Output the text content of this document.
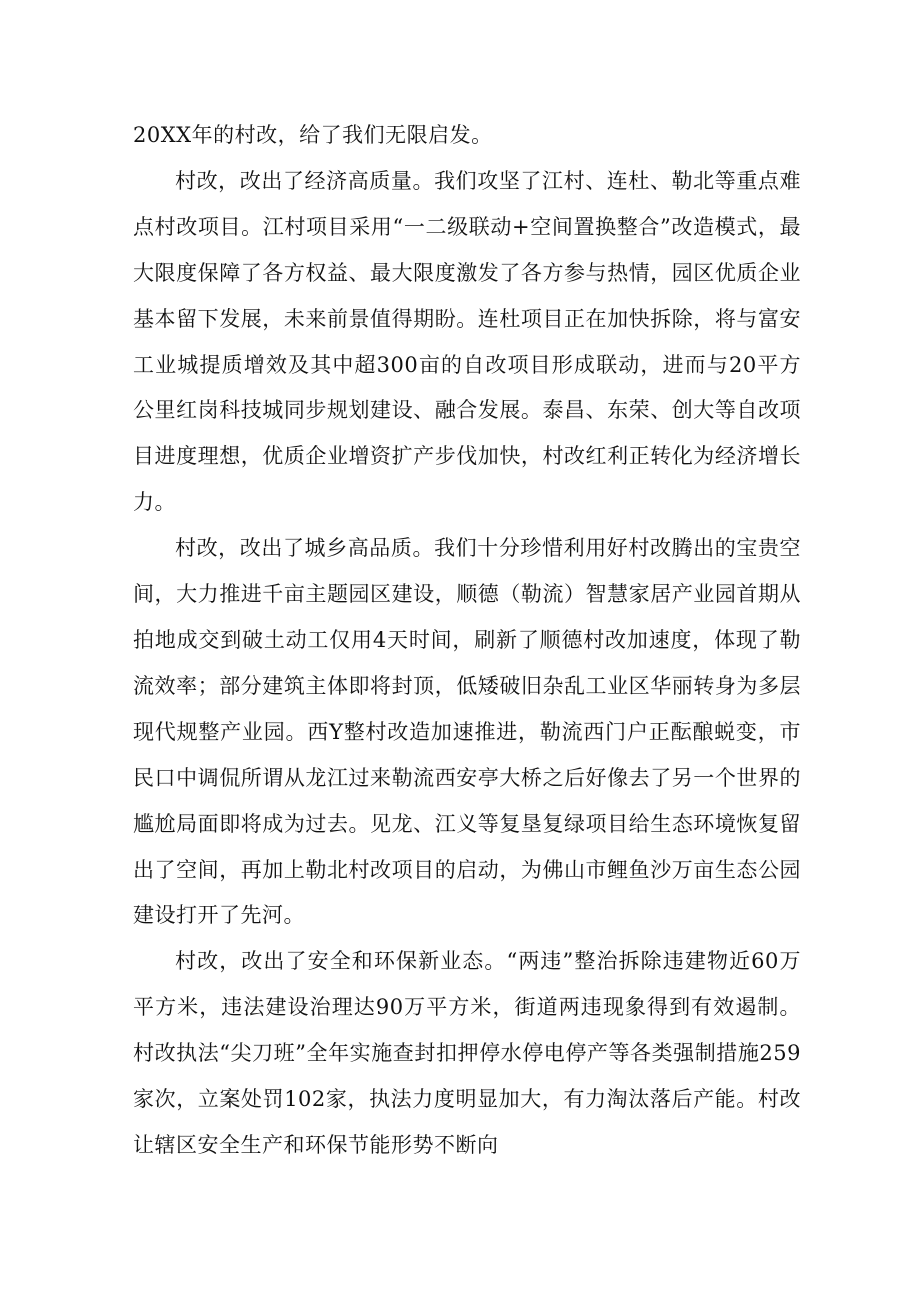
20XX年的村改，给了我们无限启发。

村改，改出了经济高质量。我们攻坚了江村、连杜、勒北等重点难点村改项目。江村项目采用“一二级联动+空间置换整合”改造模式，最大限度保障了各方权益、最大限度激发了各方参与热情，园区优质企业基本留下发展，未来前景值得期盼。连杜项目正在加快拆除，将与富安工业城提质增效及其中超300亩的自改项目形成联动，进而与20平方公里红岗科技城同步规划建设、融合发展。泰昌、东荣、创大等自改项目进度理想，优质企业增资扩产步伐加快，村改红利正转化为经济增长力。

村改，改出了城乡高品质。我们十分珍惜利用好村改腾出的宝贵空间，大力推进千亩主题园区建设，顺德（勒流）智慧家居产业园首期从拍地成交到破土动工仅用4天时间，刷新了顺德村改加速度，体现了勒流效率；部分建筑主体即将封顶，低矮破旧杂乱工业区华丽转身为多层现代规整产业园。西Y整村改造加速推进，勒流西门户正酝酿蜕变，市民口中调侃所谓从龙江过来勒流西安亭大桥之后好像去了另一个世界的尴尬局面即将成为过去。见龙、江义等复垦复绿项目给生态环境恢复留出了空间，再加上勒北村改项目的启动，为佛山市鲤鱼沙万亩生态公园建设打开了先河。

村改，改出了安全和环保新业态。“两违”整治拆除违建物近60万平方米，违法建设治理达90万平方米，街道两违现象得到有效遏制。村改执法“尖刀班”全年实施查封扣押停水停电停产等各类强制措施259家次，立案处罚102家，执法力度明显加大，有力淘汰落后产能。村改让辖区安全生产和环保节能形势不断向
